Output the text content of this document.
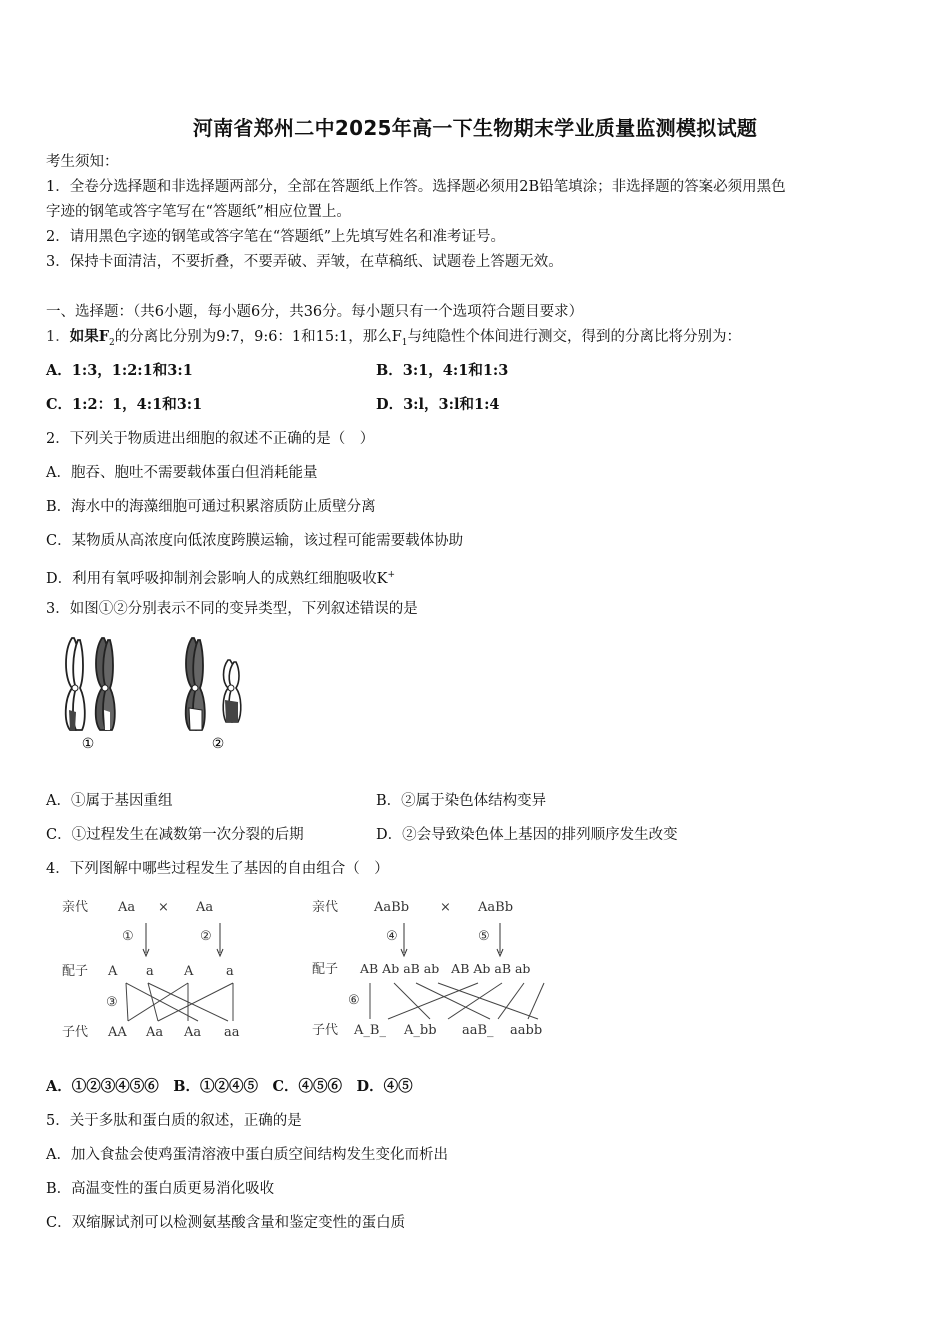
河南省郑州二中2025年高一下生物期末学业质量监测模拟试题
考生须知：
1．全卷分选择题和非选择题两部分，全部在答题纸上作答。选择题必须用2B铅笔填涂；非选择题的答案必须用黑色
字迹的钢笔或答字笔写在“答题纸”相应位置上。
2．请用黑色字迹的钢笔或答字笔在“答题纸”上先填写姓名和准考证号。
3．保持卡面清洁，不要折叠，不要弄破、弄皱，在草稿纸、试题卷上答题无效。
一、选择题：（共6小题，每小题6分，共36分。每小题只有一个选项符合题目要求）
1．如果$F_2$的分离比分别为9:7，9:6：1和15:1，那么$F_1$与纯隐性个体间进行测交，得到的分离比将分别为：
A．1:3，1:2:1和3:1	B．3:1，4:1和1:3
C．1:2：1，4:1和3:1	D．3:l，3:l和1:4
2．下列关于物质进出细胞的叙述不正确的是（　）
A．胞吞、胞吐不需要载体蛋白但消耗能量
B．海水中的海藻细胞可通过积累溶质防止质壁分离
C．某物质从高浓度向低浓度跨膜运输，该过程可能需要载体协助
D．利用有氧呼吸抑制剂会影响人的成熟红细胞吸收K+
3．如图①②分别表示不同的变异类型，下列叙述错误的是
①	②
A．①属于基因重组	B．②属于染色体结构变异
C．①过程发生在减数第一次分裂的后期	D．②会导致染色体上基因的排列顺序发生改变
4．下列图解中哪些过程发生了基因的自由组合（　）
亲代 Aa × Aa
①	②
配子 A a A	a
③
子代 AA Aa Aa aa
亲代	AaBb × AaBb
④	⑤
配子 AB Ab aB ab   AB Ab aB ab
⑥
子代 A_B_ A_bb aaB_ aabb
A．①②③④⑤⑥　B．①②④⑤　C．④⑤⑥　D．④⑤
5．关于多肽和蛋白质的叙述，正确的是
A．加入食盐会使鸡蛋清溶液中蛋白质空间结构发生变化而析出
B．高温变性的蛋白质更易消化吸收
C．双缩脲试剂可以检测氨基酸含量和鉴定变性的蛋白质
